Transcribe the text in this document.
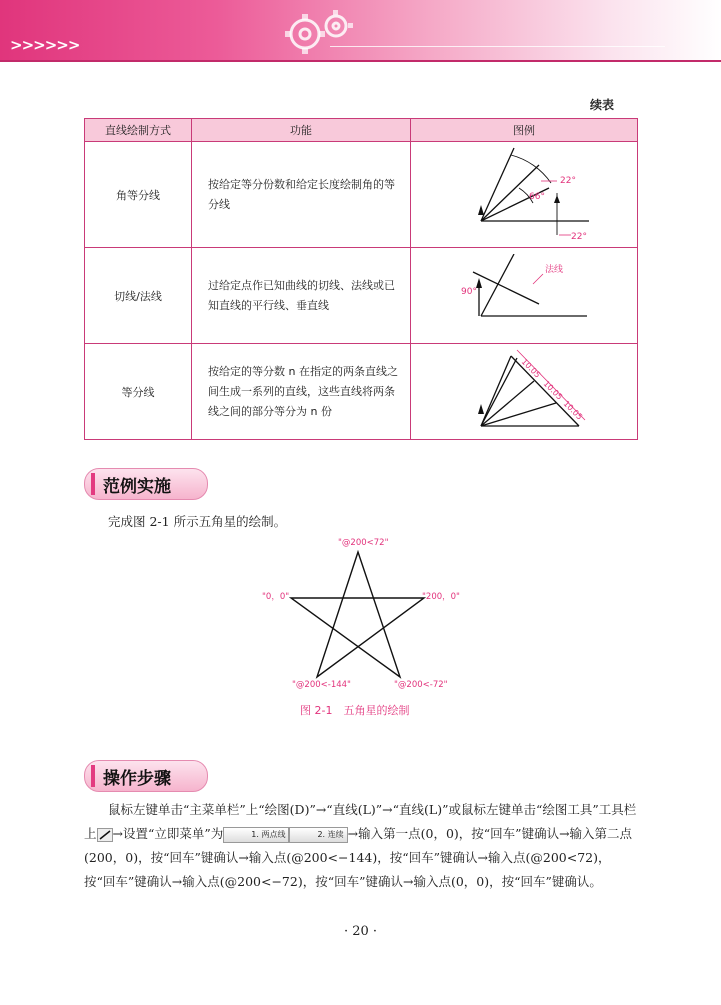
>>>>>>
续表
直线绘制方式	功能	图例
角等分线	按给定等分份数和给定长度绘制角的等分线	22°
66°
22°

切线/法线	过给定点作已知曲线的切线、法线或已知直线的平行线、垂直线	法线
90°

等分线	按给定的等分数 n 在指定的两条直线之间生成一系列的直线，这些直线将两条线之间的部分等分为 n 份	10.05
10.05
10.05
范例实施

完成图 2-1 所示五角星的绘制。

"@200<72"
"0，0"	"200，0"
"@200<-144"	"@200<-72"
图 2-1　五角星的绘制
操作步骤

鼠标左键单击“主菜单栏”上“绘图(D)”→“直线(L)”→“直线(L)”或鼠标左键单击“绘图工具”工具栏上 →设置“立即菜单”为	1. 两点线	2. 连续 →输入第一点(0，0)，按“回车”键确认→输入第二点(200，0)，按“回车”键确认→输入点(@200<−144)，按“回车”键确认→输入点(@200<72)，按“回车”键确认→输入点(@200<−72)，按“回车”键确认→输入点(0，0)，按“回车”键确认。

· 20 ·
